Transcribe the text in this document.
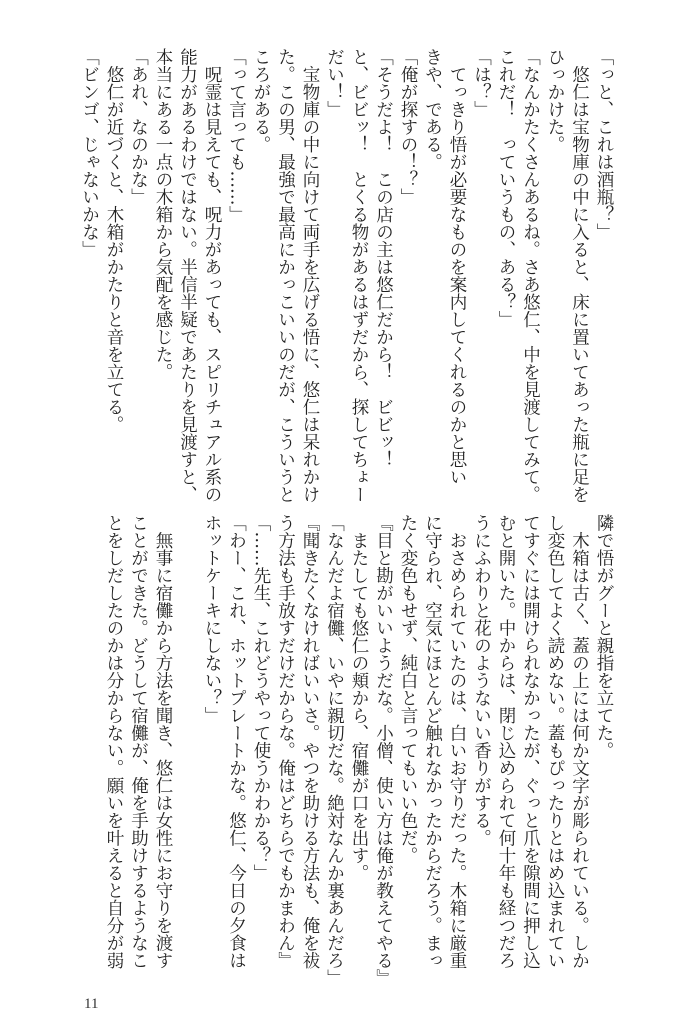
「っと、これは酒瓶？」
　悠仁は宝物庫の中に入ると、床に置いてあった瓶に足を
ひっかけた。
「なんかたくさんあるね。さあ悠仁、中を見渡してみて。
これだ！　っていうもの、ある？」
「は？」
　てっきり悟が必要なものを案内してくれるのかと思い
きや、である。
「俺が探すの！？」
「そうだよ！　この店の主は悠仁だから！　ビビッ！
と、ビビッ！　とくる物があるはずだから、探してちょー
だい！」
　宝物庫の中に向けて両手を広げる悟に、悠仁は呆れかけ
た。この男、最強で最高にかっこいいのだが、こういうと
ころがある。
「って言っても……」
　呪霊は見えても、呪力があっても、スピリチュアル系の
能力があるわけではない。半信半疑であたりを見渡すと、
本当にある一点の木箱から気配を感じた。
「あれ、なのかな」
　悠仁が近づくと、木箱がかたりと音を立てる。
「ビンゴ、じゃないかな」
隣で悟がグーと親指を立てた。
　木箱は古く、蓋の上には何か文字が彫られている。しか
し変色してよく読めない。蓋もぴったりとはめ込まれてい
てすぐには開けられなかったが、ぐっと爪を隙間に押し込
むと開いた。中からは、閉じ込められて何十年も経つだろ
うにふわりと花のようないい香りがする。
　おさめられていたのは、白いお守りだった。木箱に厳重
に守られ、空気にほとんど触れなかったからだろう。まっ
たく変色もせず、純白と言ってもいい色だ。
『目と勘がいいようだな。小僧、使い方は俺が教えてやる』
　またしても悠仁の頬から、宿儺が口を出す。
「なんだよ宿儺、いやに親切だな。絶対なんか裏あんだろ」
『聞きたくなければいいさ。やつを助ける方法も、俺を祓
う方法も手放すだけだからな。俺はどちらでもかまわん』
「……先生、これどうやって使うかわかる？」
「わー、これ、ホットプレートかな。悠仁、今日の夕食は
ホットケーキにしない？」
　無事に宿儺から方法を聞き、悠仁は女性にお守りを渡す
ことができた。どうして宿儺が、俺を手助けするようなこ
とをしだしたのかは分からない。願いを叶えると自分が弱
11
